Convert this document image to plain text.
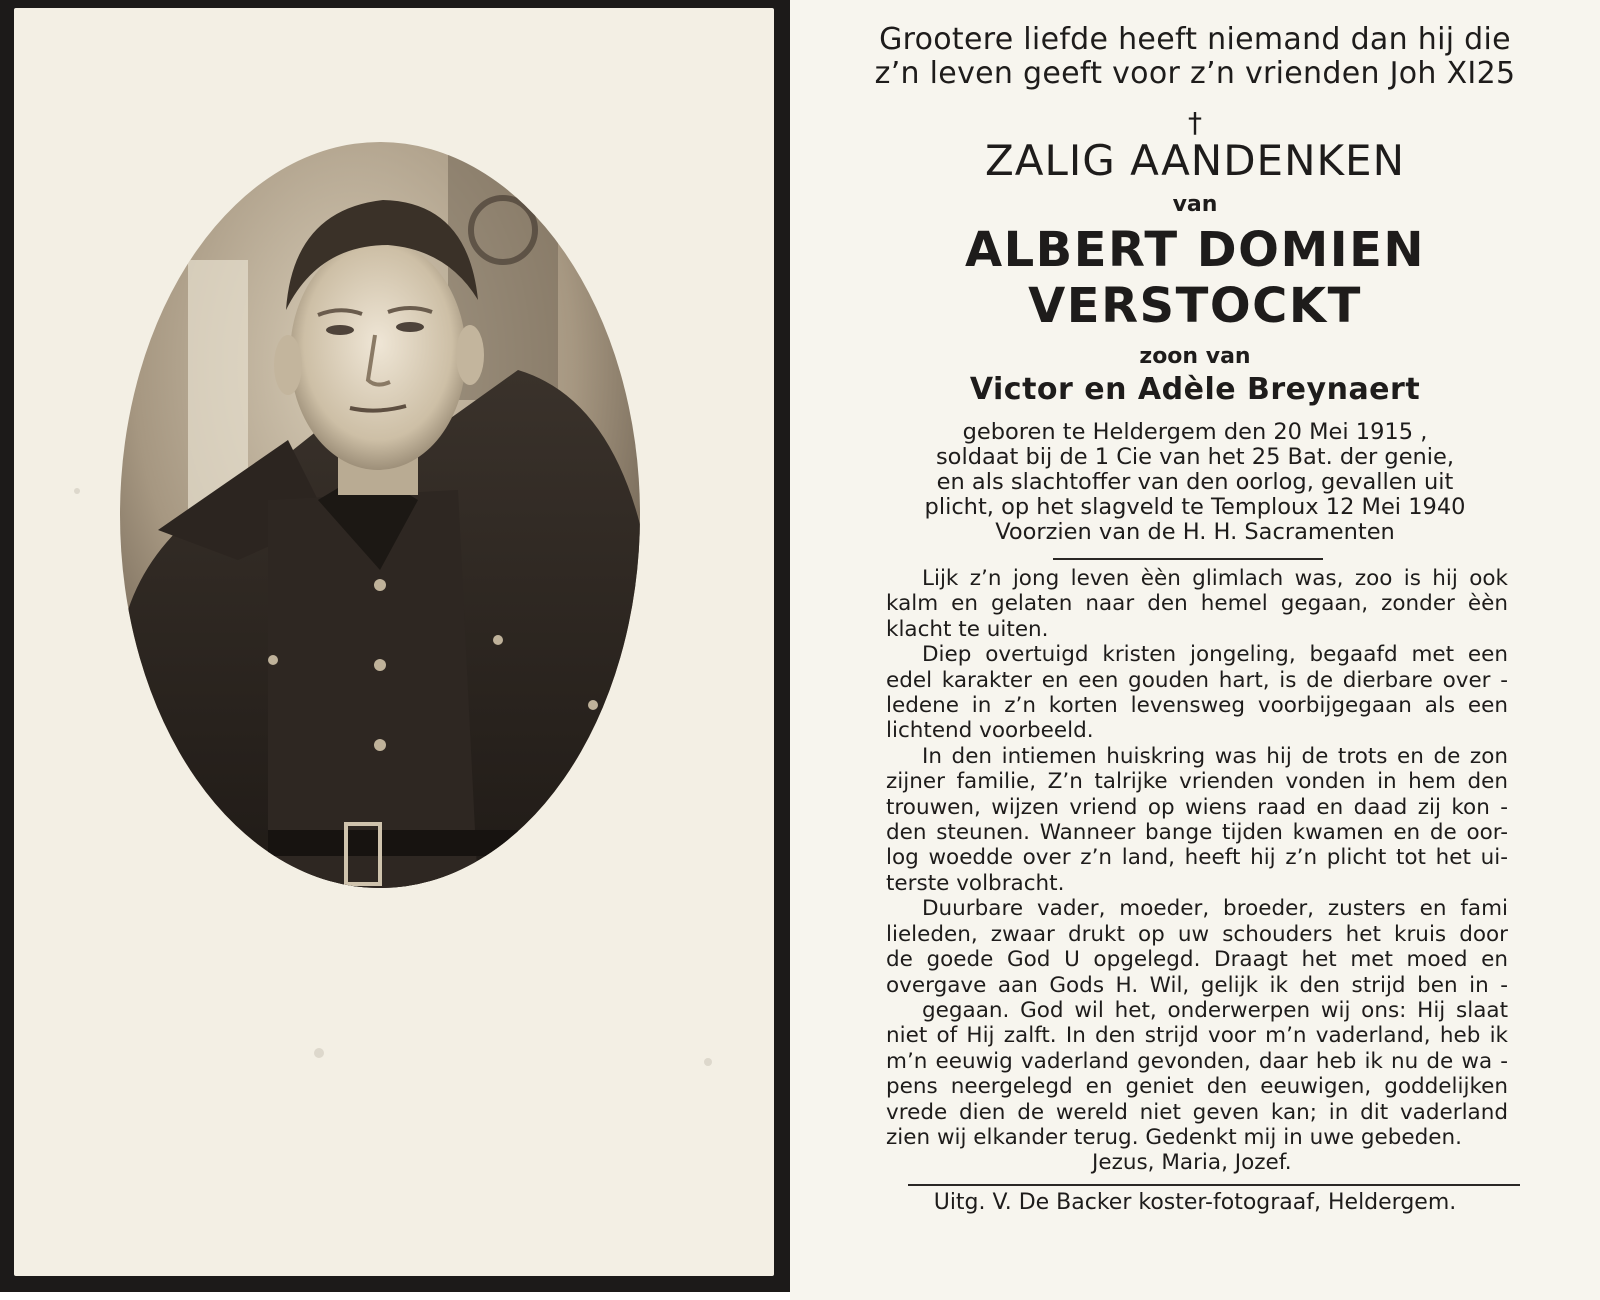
Grootere liefde heeft niemand dan hij die

z’n leven geeft voor z’n vrienden Joh XI25

†

ZALIG AANDENKEN

van

ALBERT DOMIEN

VERSTOCKT

zoon van

Victor en Adèle Breynaert

geboren te Heldergem den 20 Mei 1915 ,
soldaat bij de 1 Cie van het 25 Bat. der genie,
en als slachtoffer van den oorlog, gevallen uit
plicht, op het slagveld te Temploux 12 Mei 1940
Voorzien van de H. H. Sacramenten
Lijk z’n jong leven èèn glimlach was, zoo is hij ook
kalm en gelaten naar den hemel gegaan, zonder èèn
klacht te uiten.
Diep overtuigd kristen jongeling, begaafd met een
edel karakter en een gouden hart, is de dierbare over -
ledene in z’n korten levensweg voorbijgegaan als een
lichtend voorbeeld.
In den intiemen huiskring was hij de trots en de zon
zijner familie, Z’n talrijke vrienden vonden in hem den
trouwen, wijzen vriend op wiens raad en daad zij kon -
den steunen. Wanneer bange tijden kwamen en de oor-
log woedde over z’n land, heeft hij z’n plicht tot het ui-
terste volbracht.
Duurbare vader, moeder, broeder, zusters en fami
lieleden, zwaar drukt op uw schouders het kruis door
de goede God U opgelegd. Draagt het met moed en
overgave aan Gods H. Wil, gelijk ik den strijd ben in -
gegaan. God wil het, onderwerpen wij ons: Hij slaat
niet of Hij zalft. In den strijd voor m’n vaderland, heb ik
m’n eeuwig vaderland gevonden, daar heb ik nu de wa -
pens neergelegd en geniet den eeuwigen, goddelijken
vrede dien de wereld niet geven kan; in dit vaderland
zien wij elkander terug. Gedenkt mij in uwe gebeden.
Jezus, Maria, Jozef.

Uitg. V. De Backer koster-fotograaf, Heldergem.
